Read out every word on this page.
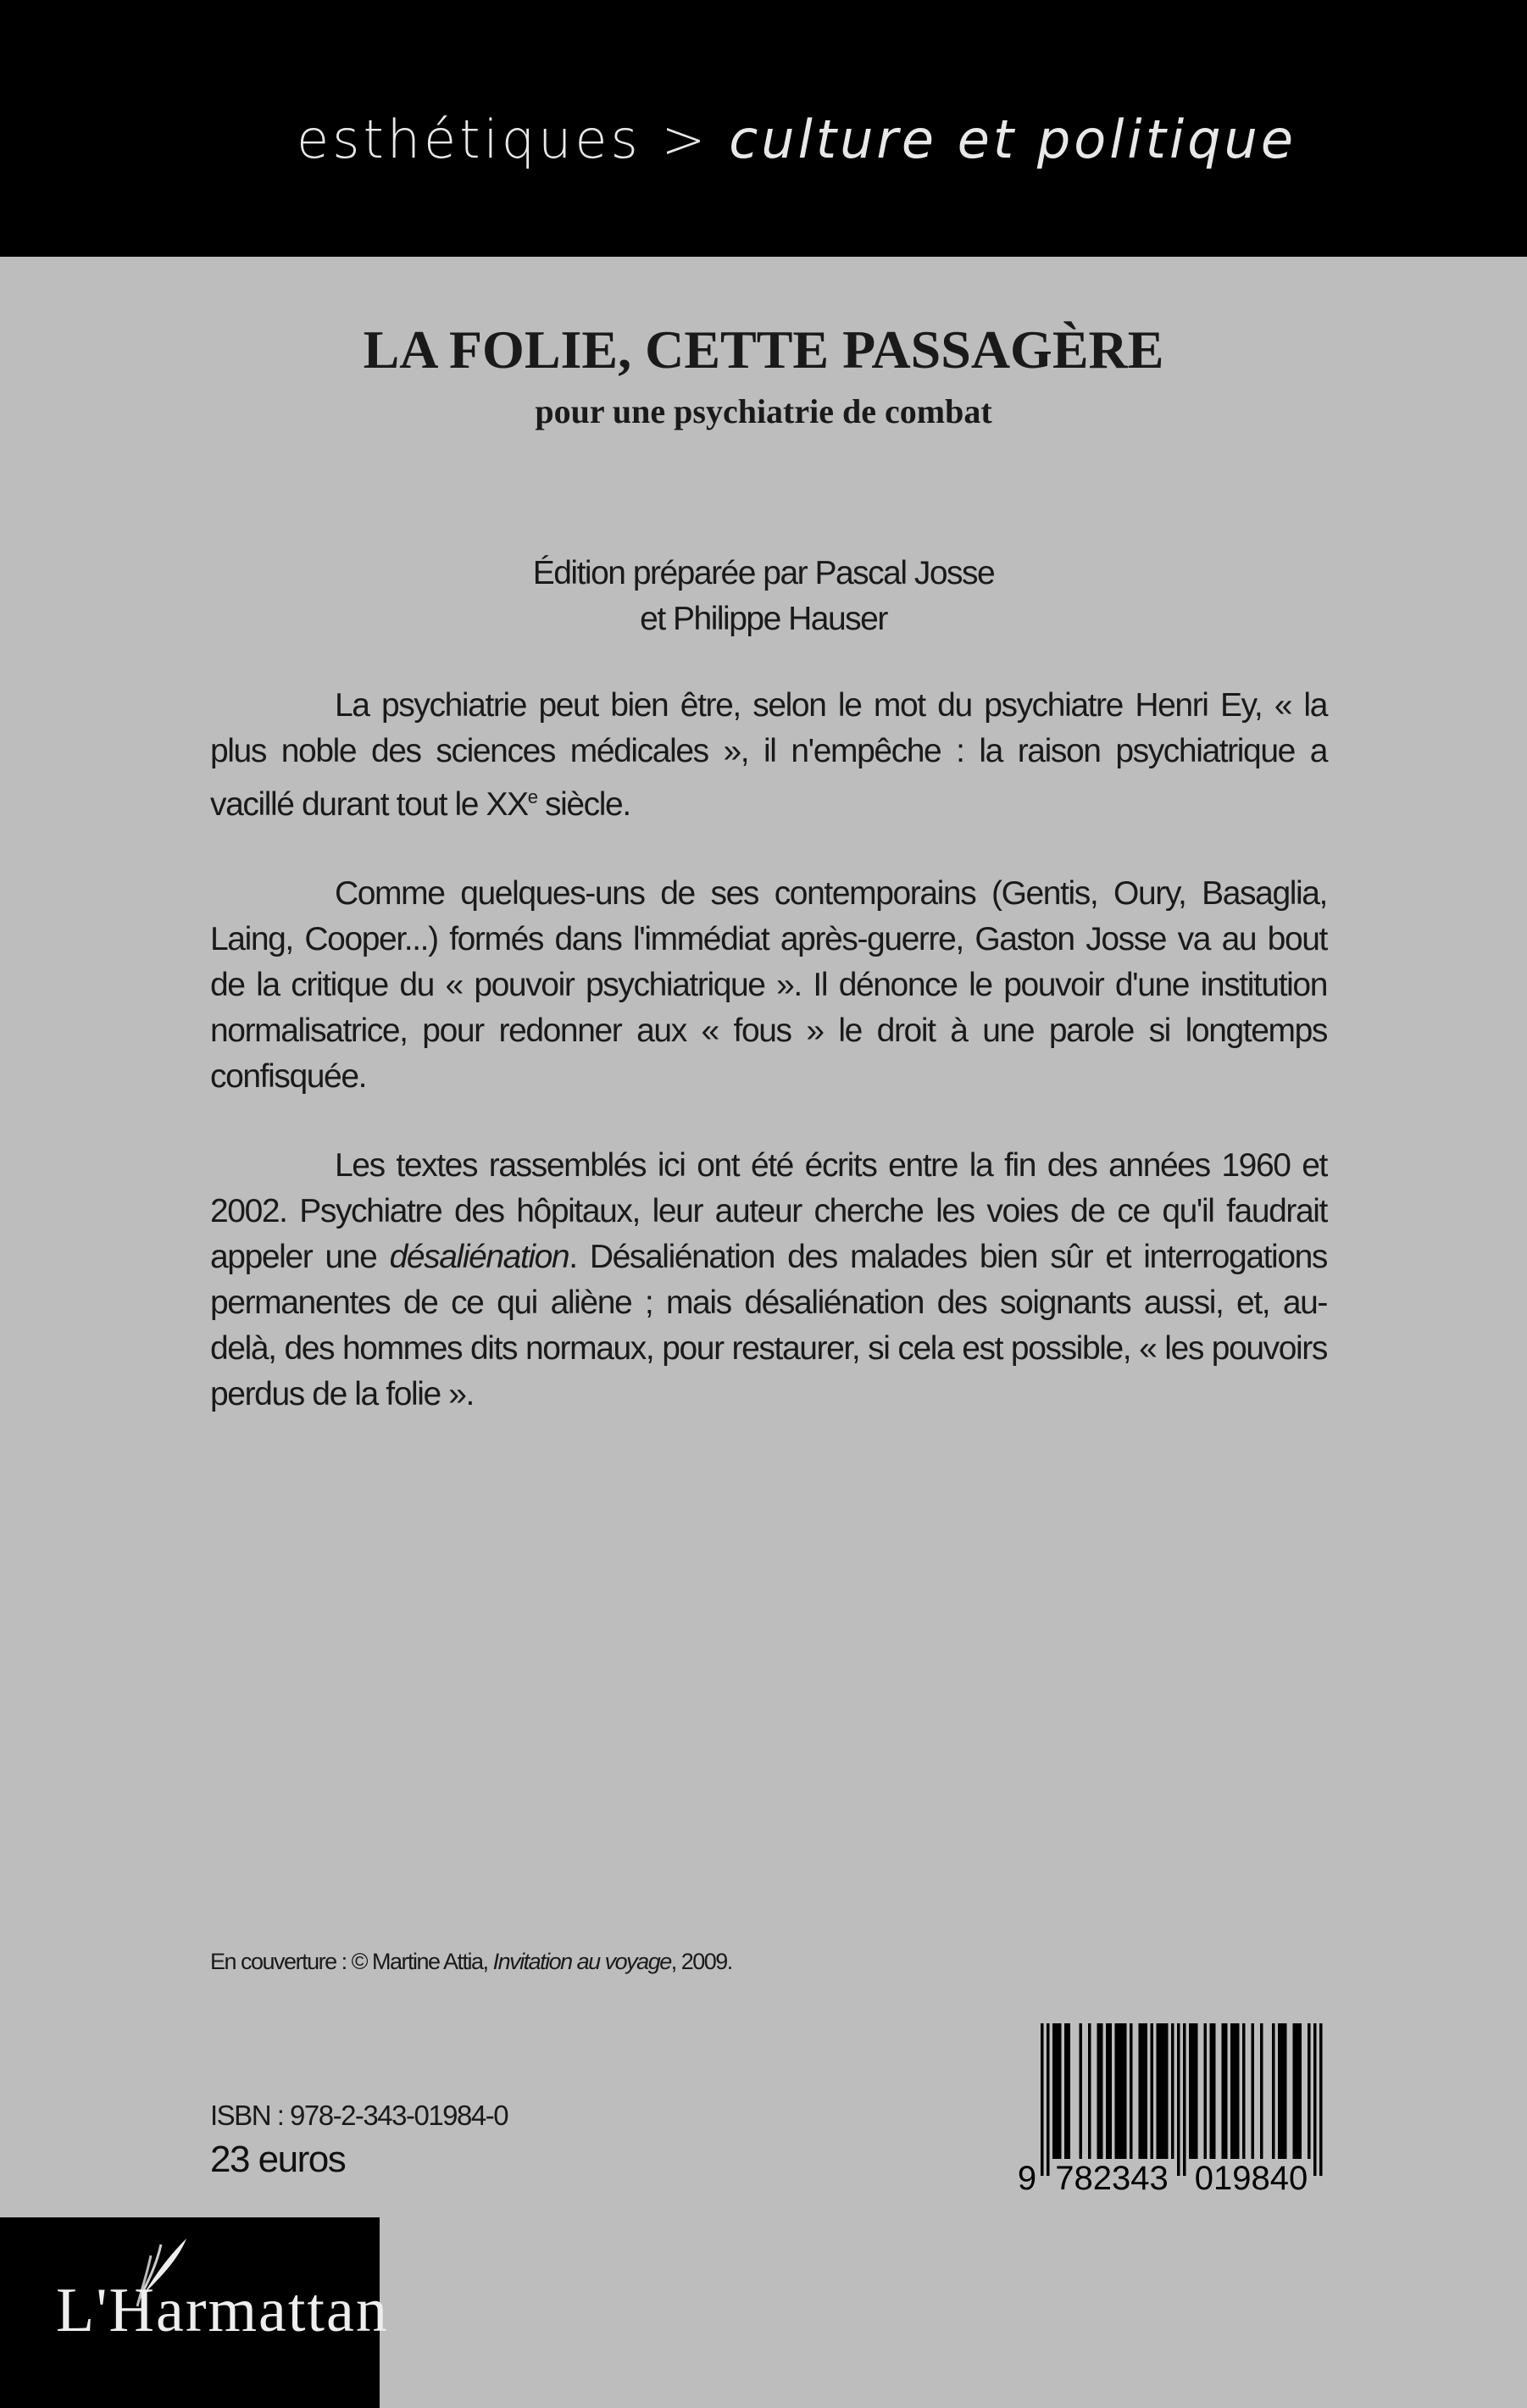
esthétiques > culture et politique
LA FOLIE, CETTE PASSAGÈRE
pour une psychiatrie de combat
Édition préparée par Pascal Josse
et Philippe Hauser

La psychiatrie peut bien être, selon le mot du psychiatre Henri Ey, « la plus noble des sciences médicales », il n'empêche : la raison psychiatrique a vacillé durant tout le XXe siècle.

Comme quelques-uns de ses contemporains (Gentis, Oury, Basaglia, Laing, Cooper...) formés dans l'immédiat après-guerre, Gaston Josse va au bout de la critique du « pouvoir psychiatrique ». Il dénonce le pouvoir d'une institution normalisatrice, pour redonner aux « fous » le droit à une parole si longtemps confisquée.

Les textes rassemblés ici ont été écrits entre la fin des années 1960 et 2002. Psychiatre des hôpitaux, leur auteur cherche les voies de ce qu'il faudrait appeler une désaliénation. Désaliénation des malades bien sûr et interrogations permanentes de ce qui aliène ; mais désaliénation des soignants aussi, et, au-delà, des hommes dits normaux, pour restaurer, si cela est possible, « les pouvoirs perdus de la folie ».

En couverture : © Martine Attia, Invitation au voyage, 2009.
ISBN : 978-2-343-01984-0
23 euros	9 782343 019840
L'Harmattan
